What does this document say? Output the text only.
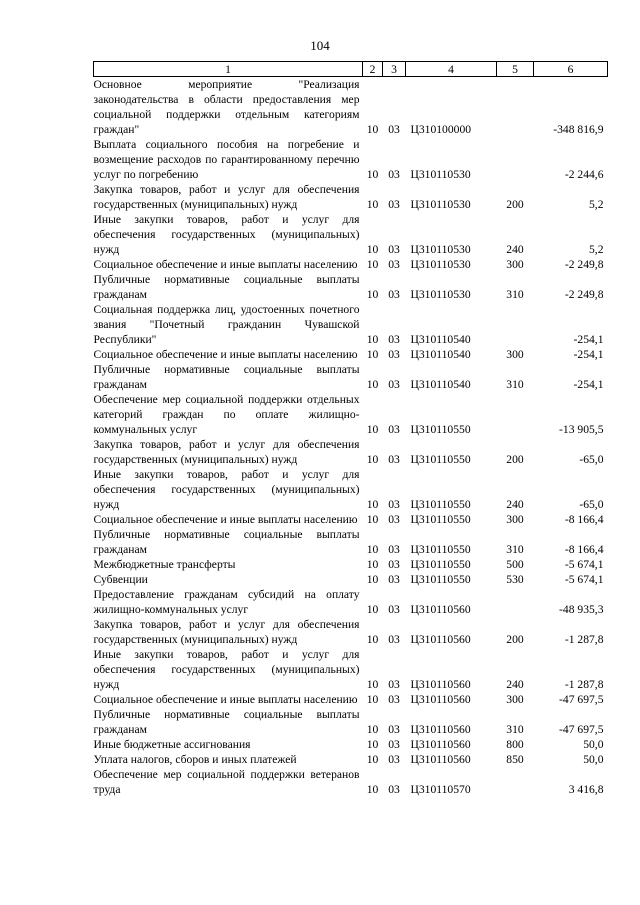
104
1	2	3	4	5	6
Основное мероприятие "Реализация законодательства в области предоставления мер социальной поддержки отдельным категориям граждан"	10	03	Ц310100000		-348 816,9
Выплата социального пособия на погребение и возмещение расходов по гарантированному перечню услуг по погребению	10	03	Ц310110530		-2 244,6
Закупка товаров, работ и услуг для обеспечения государственных (муниципальных) нужд	10	03	Ц310110530	200	5,2
Иные закупки товаров, работ и услуг для обеспечения государственных (муниципальных) нужд	10	03	Ц310110530	240	5,2
Социальное обеспечение и иные выплаты населению	10	03	Ц310110530	300	-2 249,8
Публичные нормативные социальные выплаты гражданам	10	03	Ц310110530	310	-2 249,8
Социальная поддержка лиц, удостоенных почетного звания "Почетный гражданин Чувашской Республики"	10	03	Ц310110540		-254,1
Социальное обеспечение и иные выплаты населению	10	03	Ц310110540	300	-254,1
Публичные нормативные социальные выплаты гражданам	10	03	Ц310110540	310	-254,1
Обеспечение мер социальной поддержки отдельных категорий граждан по оплате жилищно-коммунальных услуг	10	03	Ц310110550		-13 905,5
Закупка товаров, работ и услуг для обеспечения государственных (муниципальных) нужд	10	03	Ц310110550	200	-65,0
Иные закупки товаров, работ и услуг для обеспечения государственных (муниципальных) нужд	10	03	Ц310110550	240	-65,0
Социальное обеспечение и иные выплаты населению	10	03	Ц310110550	300	-8 166,4
Публичные нормативные социальные выплаты гражданам	10	03	Ц310110550	310	-8 166,4
Межбюджетные трансферты	10	03	Ц310110550	500	-5 674,1
Субвенции	10	03	Ц310110550	530	-5 674,1
Предоставление гражданам субсидий на оплату жилищно-коммунальных услуг	10	03	Ц310110560		-48 935,3
Закупка товаров, работ и услуг для обеспечения государственных (муниципальных) нужд	10	03	Ц310110560	200	-1 287,8
Иные закупки товаров, работ и услуг для обеспечения государственных (муниципальных) нужд	10	03	Ц310110560	240	-1 287,8
Социальное обеспечение и иные выплаты населению	10	03	Ц310110560	300	-47 697,5
Публичные нормативные социальные выплаты гражданам	10	03	Ц310110560	310	-47 697,5
Иные бюджетные ассигнования	10	03	Ц310110560	800	50,0
Уплата налогов, сборов и иных платежей	10	03	Ц310110560	850	50,0
Обеспечение мер социальной поддержки ветеранов труда	10	03	Ц310110570		3 416,8
